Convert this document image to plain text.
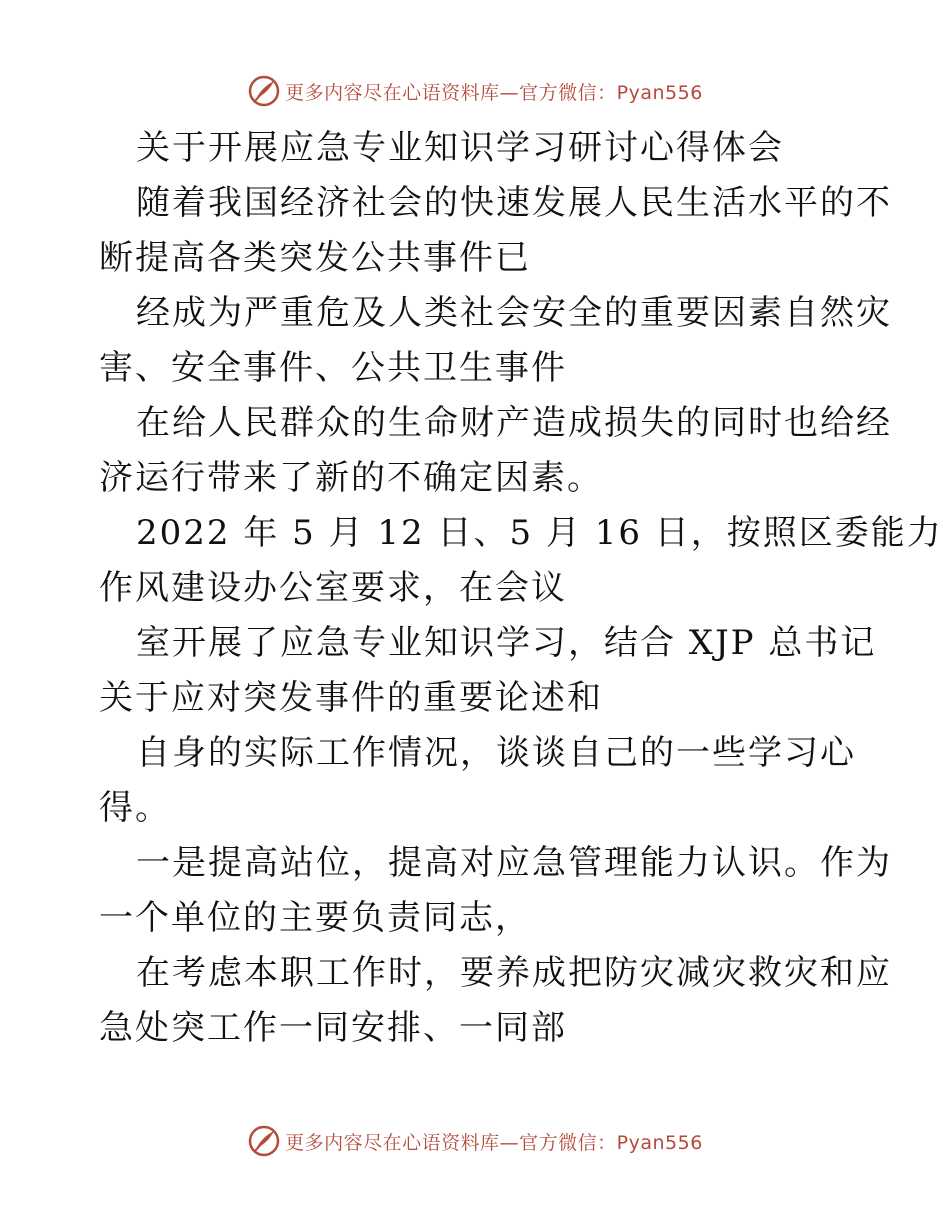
更多内容尽在心语资料库—官方微信：Pyan556
关于开展应急专业知识学习研讨心得体会
随着我国经济社会的快速发展人民生活水平的不
断提高各类突发公共事件已
经成为严重危及人类社会安全的重要因素自然灾
害、安全事件、公共卫生事件
在给人民群众的生命财产造成损失的同时也给经
济运行带来了新的不确定因素。
2022 年 5 月 12 日、5 月 16 日，按照区委能力
作风建设办公室要求，在会议
室开展了应急专业知识学习，结合 XJP 总书记
关于应对突发事件的重要论述和
自身的实际工作情况，谈谈自己的一些学习心
得。
一是提高站位，提高对应急管理能力认识。作为
一个单位的主要负责同志，
在考虑本职工作时，要养成把防灾减灾救灾和应
急处突工作一同安排、一同部
更多内容尽在心语资料库—官方微信：Pyan556
